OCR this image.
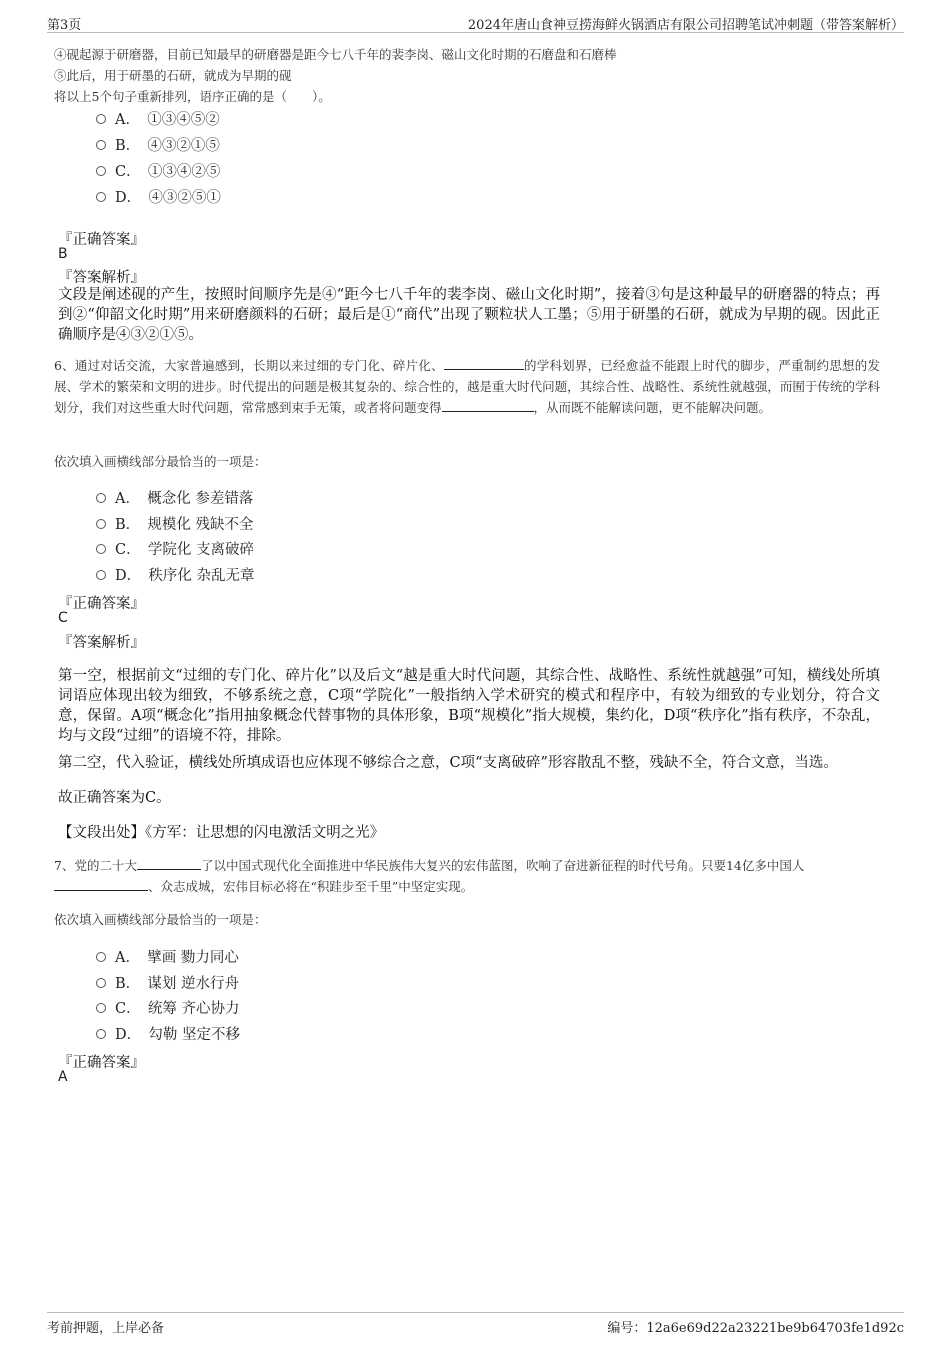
第3页	2024年唐山食神豆捞海鲜火锅酒店有限公司招聘笔试冲刺题（带答案解析）
④砚起源于研磨器，目前已知最早的研磨器是距今七八千年的裴李岗、磁山文化时期的石磨盘和石磨棒
⑤此后，用于研墨的石研，就成为早期的砚
将以上5个句子重新排列，语序正确的是（　　）。
A．　①③④⑤②
B．　④③②①⑤
C．　①③④②⑤
D．　④③②⑤①
『正确答案』
B
『答案解析』
文段是阐述砚的产生，按照时间顺序先是④“距今七八千年的裴李岗、磁山文化时期”，接着③句是这种最早的研磨器的特点；再到②“仰韶文化时期”用来研磨颜料的石研；最后是①“商代”出现了颗粒状人工墨；⑤用于研墨的石研，就成为早期的砚。因此正确顺序是④③②①⑤。
6、通过对话交流，大家普遍感到，长期以来过细的专门化、碎片化、	的学科划界，已经愈益不能跟上时代的脚步，严重制约思想的发展、学术的繁荣和文明的进步。时代提出的问题是极其复杂的、综合性的，越是重大时代问题，其综合性、战略性、系统性就越强，而囿于传统的学科划分，我们对这些重大时代问题，常常感到束手无策，或者将问题变得	，从而既不能解读问题，更不能解决问题。
依次填入画横线部分最恰当的一项是：
A．　概念化 参差错落
B．　规模化 残缺不全
C．　学院化 支离破碎
D．　秩序化 杂乱无章
『正确答案』
C
『答案解析』
第一空，根据前文“过细的专门化、碎片化”以及后文“越是重大时代问题，其综合性、战略性、系统性就越强”可知，横线处所填词语应体现出较为细致，不够系统之意，C项“学院化”一般指纳入学术研究的模式和程序中，有较为细致的专业划分，符合文意，保留。A项“概念化”指用抽象概念代替事物的具体形象，B项“规模化”指大规模，集约化，D项“秩序化”指有秩序，不杂乱，均与文段“过细”的语境不符，排除。
第二空，代入验证，横线处所填成语也应体现不够综合之意，C项“支离破碎”形容散乱不整，残缺不全，符合文意，当选。
故正确答案为C。
【文段出处】《方军：让思想的闪电激活文明之光》
7、党的二十大	了以中国式现代化全面推进中华民族伟大复兴的宏伟蓝图，吹响了奋进新征程的时代号角。只要14亿多中国人
、众志成城，宏伟目标必将在“积跬步至千里”中坚定实现。
依次填入画横线部分最恰当的一项是：
A．　擘画 勠力同心
B．　谋划 逆水行舟
C．　统筹 齐心协力
D．　勾勒 坚定不移
『正确答案』
A
考前押题，上岸必备	编号：12a6e69d22a23221be9b64703fe1d92c
